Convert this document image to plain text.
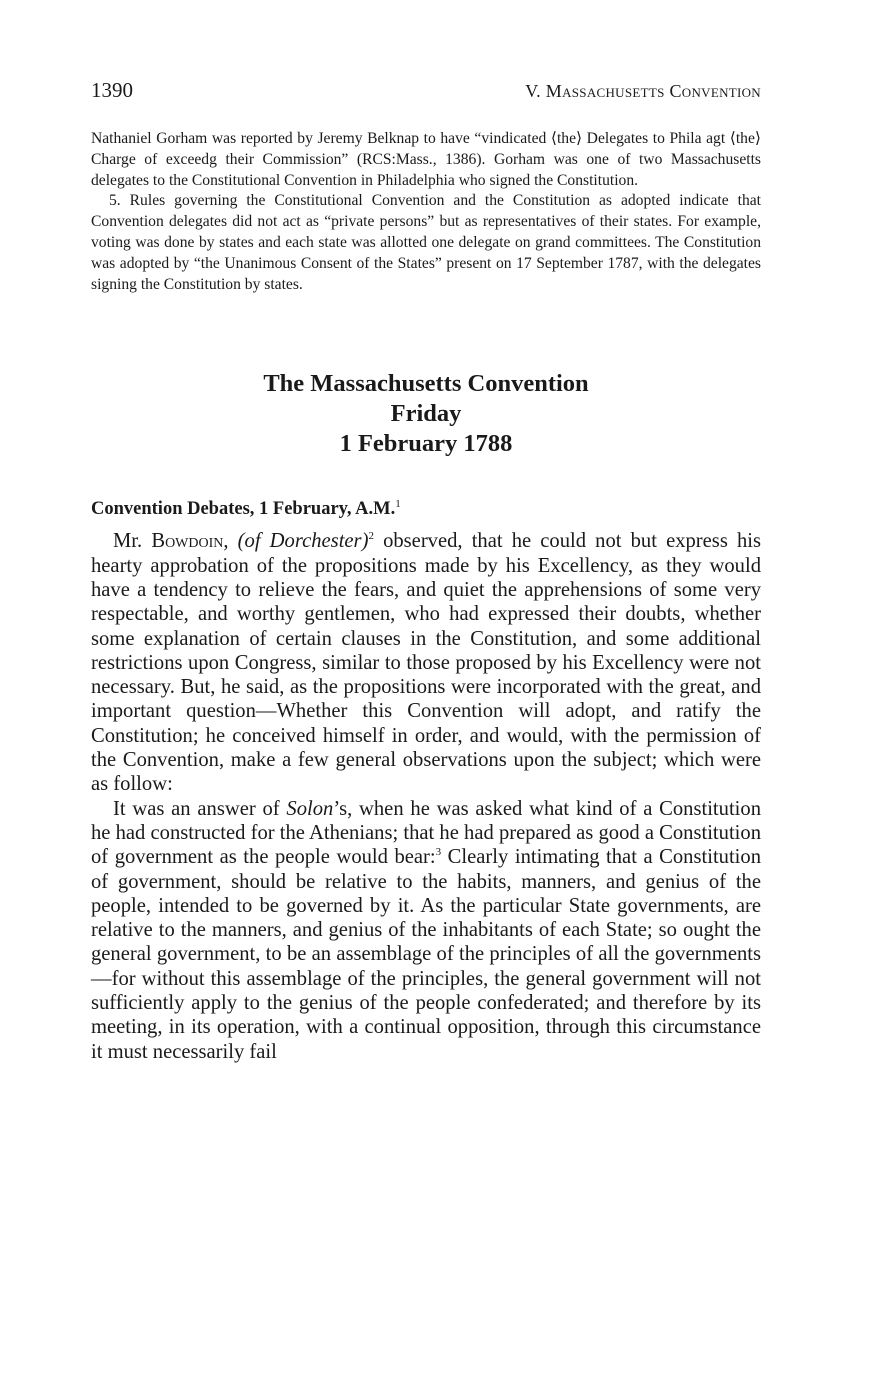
1390	V. Massachusetts Convention

Nathaniel Gorham was reported by Jeremy Belknap to have “vindicated ⟨the⟩ Delegates to Phila agt ⟨the⟩ Charge of exceedg their Commission” (RCS:Mass., 1386). Gorham was one of two Massachusetts delegates to the Constitutional Convention in Philadelphia who signed the Constitution.

5. Rules governing the Constitutional Convention and the Constitution as adopted indicate that Convention delegates did not act as “private persons” but as representatives of their states. For example, voting was done by states and each state was allotted one delegate on grand committees. The Constitution was adopted by “the Unanimous Consent of the States” present on 17 September 1787, with the delegates signing the Constitution by states.

The Massachusetts Convention
Friday
1 February 1788
Convention Debates, 1 February, A.M.$^1$

Mr. Bowdoin, (of Dorchester)$^2$ observed, that he could not but express his hearty approbation of the propositions made by his Excellency, as they would have a tendency to relieve the fears, and quiet the apprehensions of some very respectable, and worthy gentlemen, who had expressed their doubts, whether some explanation of certain clauses in the Constitution, and some additional restrictions upon Congress, similar to those proposed by his Excellency were not necessary. But, he said, as the propositions were incorporated with the great, and important question—Whether this Convention will adopt, and ratify the Constitution; he conceived himself in order, and would, with the permission of the Convention, make a few general observations upon the subject; which were as follow:

It was an answer of Solon’s, when he was asked what kind of a Constitution he had constructed for the Athenians; that he had prepared as good a Constitution of government as the people would bear:$^3$ Clearly intimating that a Constitution of government, should be relative to the habits, manners, and genius of the people, intended to be governed by it. As the particular State governments, are relative to the manners, and genius of the inhabitants of each State; so ought the general government, to be an assemblage of the principles of all the governments—for without this assemblage of the principles, the general government will not sufficiently apply to the genius of the people confederated; and therefore by its meeting, in its operation, with a continual opposition, through this circumstance it must necessarily fail
